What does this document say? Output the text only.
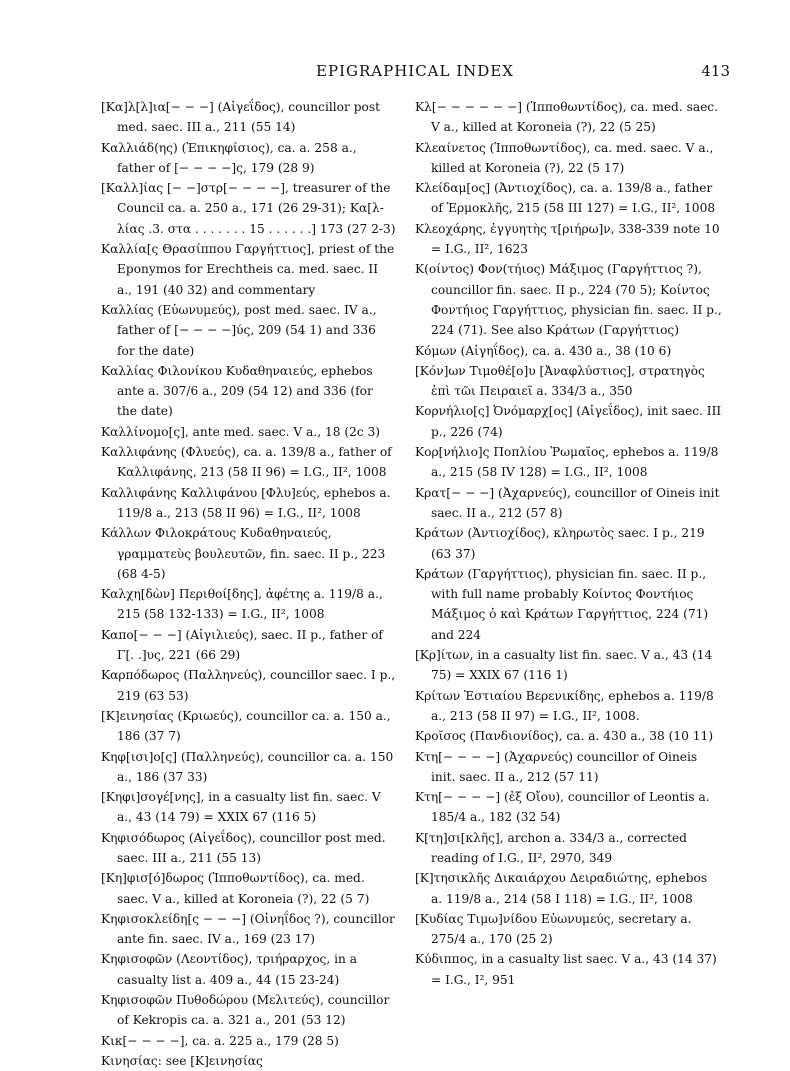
EPIGRAPHICAL INDEX	413

[Κα]λ[λ]ια[− − −] (Αἰγεΐδος), councillor post med. saec. III a., 211 (55 14)

Καλλιάδ(ης) (Ἐπικηφίσιος), ca. a. 258 a., father of [− − − −]ς, 179 (28 9)

[Καλλ]ίας [− −]στρ[− − − −], treasurer of the Council ca. a. 250 a., 171 (26 29-31); Κα[λ-λίας .3. στα . . . . . . . 15 . . . . . .] 173 (27 2-3)

Καλλία[ς Θρασίππου Γαργήττιος], priest of the Eponymos for Erechtheis ca. med. saec. II a., 191 (40 32) and commentary

Καλλίας (Εὐωνυμεύς), post med. saec. IV a., father of [− − − −]ύς, 209 (54 1) and 336 for the date)

Καλλίας Φιλονίκου Κυδαθηναιεύς, ephebos ante a. 307/6 a., 209 (54 12) and 336 (for the date)

Καλλίνομο[ς], ante med. saec. V a., 18 (2c 3)

Καλλιφάνης (Φλυεύς), ca. a. 139/8 a., father of Καλλιφάνης, 213 (58 II 96) = I.G., II², 1008

Καλλιφάνης Καλλιφάνου [Φλυ]εύς, ephebos a. 119/8 a., 213 (58 II 96) = I.G., II², 1008

Κάλλων Φιλοκράτους Κυδαθηναιεύς, γραμματεὺς βουλευτῶν, fin. saec. II p., 223 (68 4-5)

Καλχη[δὼν] Περιθοί[δης], ἀφέτης a. 119/8 a., 215 (58 132-133) = I.G., II², 1008

Καπο[− − −] (Αἰγιλιεύς), saec. II p., father of Γ[. .]υς, 221 (66 29)

Καρπόδωρος (Παλληνεύς), councillor saec. I p., 219 (63 53)

[Κ]εινησίας (Κριωεύς), councillor ca. a. 150 a., 186 (37 7)

Κηφ[ισι]ο[ς] (Παλληνεύς), councillor ca. a. 150 a., 186 (37 33)

[Κηφι]σογέ[νης], in a casualty list fin. saec. V a., 43 (14 79) = XXIX 67 (116 5)

Κηφισόδωρος (Αἰγεΐδος), councillor post med. saec. III a., 211 (55 13)

[Κη]φισ[ό]δωρος (Ἱπποθωντίδος), ca. med. saec. V a., killed at Koroneia (?), 22 (5 7)

Κηφισοκλείδη[ς − − −] (Οἰνηΐδος ?), councillor ante fin. saec. IV a., 169 (23 17)

Κηφισοφῶν (Λεοντίδος), τριήραρχος, in a casualty list a. 409 a., 44 (15 23-24)

Κηφισοφῶν Πυθοδώρου (Μελιτεύς), councillor of Kekropis ca. a. 321 a., 201 (53 12)

Κικ[− − − −], ca. a. 225 a., 179 (28 5)

Κινησίας: see [Κ]εινησίας

Κλ[− − − − − −] (Ἱπποθωντίδος), ca. med. saec. V a., killed at Koroneia (?), 22 (5 25)

Κλεαίνετος (Ἱπποθωντίδος), ca. med. saec. V a., killed at Koroneia (?), 22 (5 17)

Κλείδαμ[ος] (Ἀντιοχίδος), ca. a. 139/8 a., father of Ἑρμοκλῆς, 215 (58 III 127) = I.G., II², 1008

Κλεοχάρης, ἐγγυητὴς τ[ριήρω]ν, 338-339 note 10 = I.G., II², 1623

Κ(οίντος) Φον(τήιος) Μάξιμος (Γαργήττιος ?), councillor fin. saec. II p., 224 (70 5); Κοίντος Φοντήιος Γαργήττιος, physician fin. saec. II p., 224 (71). See also Κράτων (Γαργήττιος)

Κόμων (Αἰγηΐδος), ca. a. 430 a., 38 (10 6)

[Κόν]ων Τιμοθέ[ο]υ [Ἀναφλύστιος], στρατηγὸς ἐπὶ τῶι Πειραιεῖ a. 334/3 a., 350

Κορνήλιο[ς] Ὀνόμαρχ[ος] (Αἰγεΐδος), init saec. III p., 226 (74)

Κορ[νήλιο]ς Ποπλίου Ῥωμαῖος, ephebos a. 119/8 a., 215 (58 IV 128) = I.G., II², 1008

Κρατ[− − −] (Ἀχαρνεύς), councillor of Oineis init saec. II a., 212 (57 8)

Κράτων (Ἀντιοχίδος), κληρωτὸς saec. I p., 219 (63 37)

Κράτων (Γαργήττιος), physician fin. saec. II p., with full name probably Κοίντος Φοντήιος Μάξιμος ὁ καὶ Κράτων Γαργήττιος, 224 (71) and 224

[Κρ]ίτων, in a casualty list fin. saec. V a., 43 (14 75) = XXIX 67 (116 1)

Κρίτων Ἑστιαίου Βερενικίδης, ephebos a. 119/8 a., 213 (58 II 97) = I.G., II², 1008.

Κροῖσος (Πανδιονίδος), ca. a. 430 a., 38 (10 11)

Κτη[− − − −] (Ἀχαρνεύς) councillor of Oineis init. saec. II a., 212 (57 11)

Κτη[− − − −] (ἐξ Οἴου), councillor of Leontis a. 185/4 a., 182 (32 54)

Κ[τη]σι[κλῆς], archon a. 334/3 a., corrected reading of I.G., II², 2970, 349

[Κ]τησικλῆς Δικαιάρχου Δειραδιώτης, ephebos a. 119/8 a., 214 (58 I 118) = I.G., II², 1008

[Κυδίας Τιμω]νίδου Εὐωνυμεύς, secretary a. 275/4 a., 170 (25 2)

Κύδιππος, in a casualty list saec. V a., 43 (14 37) = I.G., I², 951
